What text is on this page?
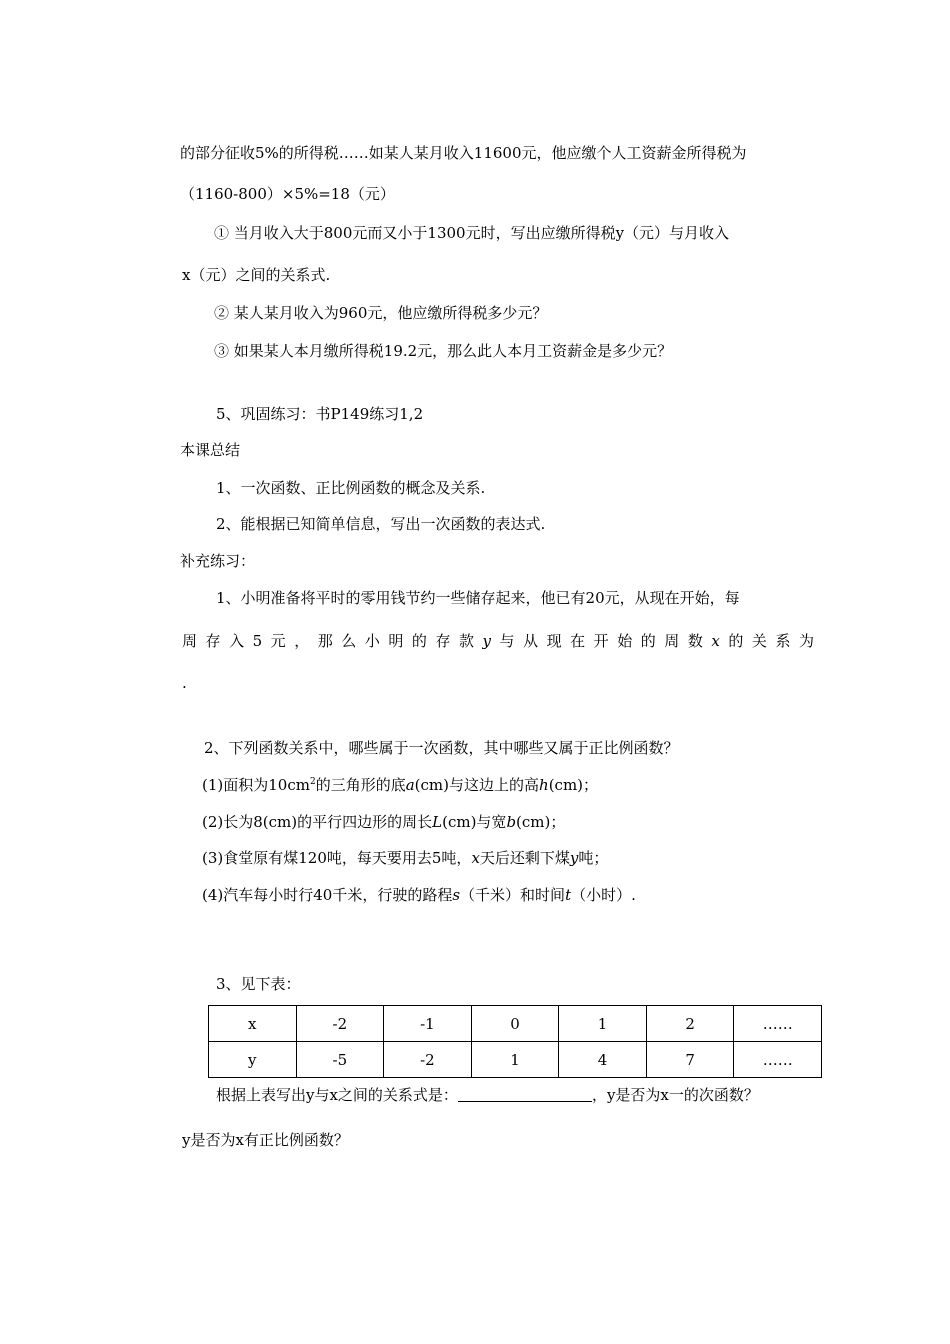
的部分征收5%的所得税……如某人某月收入11600元，他应缴个人工资薪金所得税为
（1160-800）×5%=18（元）
① 当月收入大于800元而又小于1300元时，写出应缴所得税y（元）与月收入
x（元）之间的关系式.
② 某人某月收入为960元，他应缴所得税多少元？
③ 如果某人本月缴所得税19.2元，那么此人本月工资薪金是多少元？
5、巩固练习：书P149练习1,2
本课总结
1、一次函数、正比例函数的概念及关系.
2、能根据已知简单信息，写出一次函数的表达式.
补充练习：
1、小明准备将平时的零用钱节约一些储存起来，他已有20元，从现在开始，每
周存入5元，那么小明的存款y与从现在开始的周数x的关系为
.
2、下列函数关系中，哪些属于一次函数，其中哪些又属于正比例函数？
(1)面积为$10cm^2$的三角形的底a(cm)与这边上的高h(cm)；
(2)长为8(cm)的平行四边形的周长L(cm)与宽b(cm)；
(3)食堂原有煤120吨，每天要用去5吨，x天后还剩下煤y吨；
(4)汽车每小时行40千米，行驶的路程s（千米）和时间t（小时）.
3、见下表：
x	-2	-1	0	1	2	……
y	-5	-2	1	4	7	……
根据上表写出y与x之间的关系式是：	，y是否为x一的次函数？
y是否为x有正比例函数？
